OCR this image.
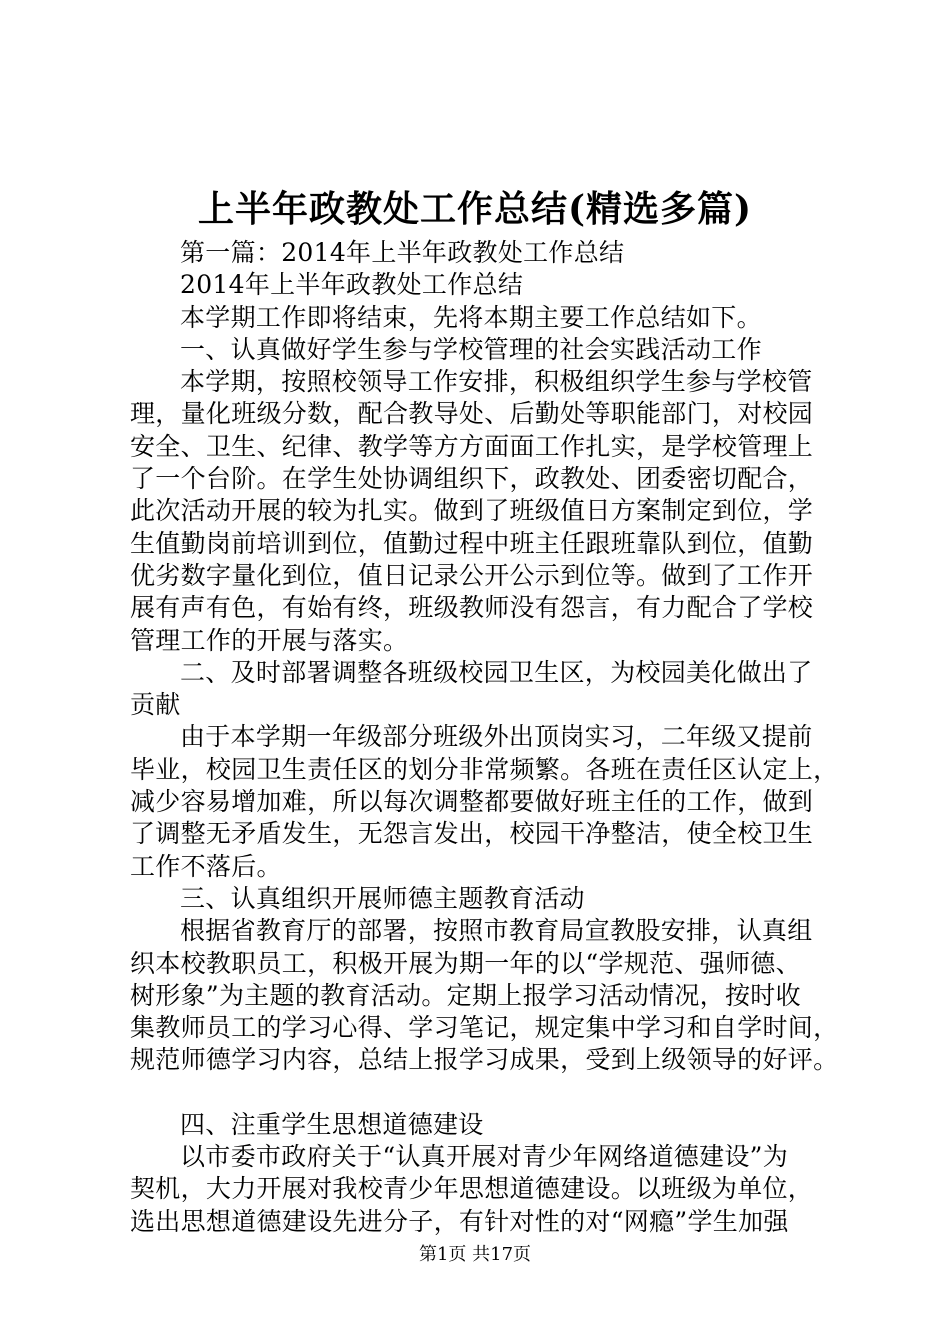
上半年政教处工作总结(精选多篇)
第一篇：2014年上半年政教处工作总结
2014年上半年政教处工作总结
本学期工作即将结束，先将本期主要工作总结如下。
一、认真做好学生参与学校管理的社会实践活动工作
本学期，按照校领导工作安排，积极组织学生参与学校管
理，量化班级分数，配合教导处、后勤处等职能部门，对校园
安全、卫生、纪律、教学等方方面面工作扎实，是学校管理上
了一个台阶。在学生处协调组织下，政教处、团委密切配合，
此次活动开展的较为扎实。做到了班级值日方案制定到位，学
生值勤岗前培训到位，值勤过程中班主任跟班靠队到位，值勤
优劣数字量化到位，值日记录公开公示到位等。做到了工作开
展有声有色，有始有终，班级教师没有怨言，有力配合了学校
管理工作的开展与落实。
二、及时部署调整各班级校园卫生区，为校园美化做出了
贡献
由于本学期一年级部分班级外出顶岗实习，二年级又提前
毕业，校园卫生责任区的划分非常频繁。各班在责任区认定上，
减少容易增加难，所以每次调整都要做好班主任的工作，做到
了调整无矛盾发生，无怨言发出，校园干净整洁，使全校卫生
工作不落后。
三、认真组织开展师德主题教育活动
根据省教育厅的部署，按照市教育局宣教股安排，认真组
织本校教职员工，积极开展为期一年的以“学规范、强师德、
树形象”为主题的教育活动。定期上报学习活动情况，按时收
集教师员工的学习心得、学习笔记，规定集中学习和自学时间，
规范师德学习内容，总结上报学习成果，受到上级领导的好评。
四、注重学生思想道德建设
以市委市政府关于“认真开展对青少年网络道德建设”为
契机，大力开展对我校青少年思想道德建设。以班级为单位，
选出思想道德建设先进分子，有针对性的对“网瘾”学生加强
第1页 共17页
